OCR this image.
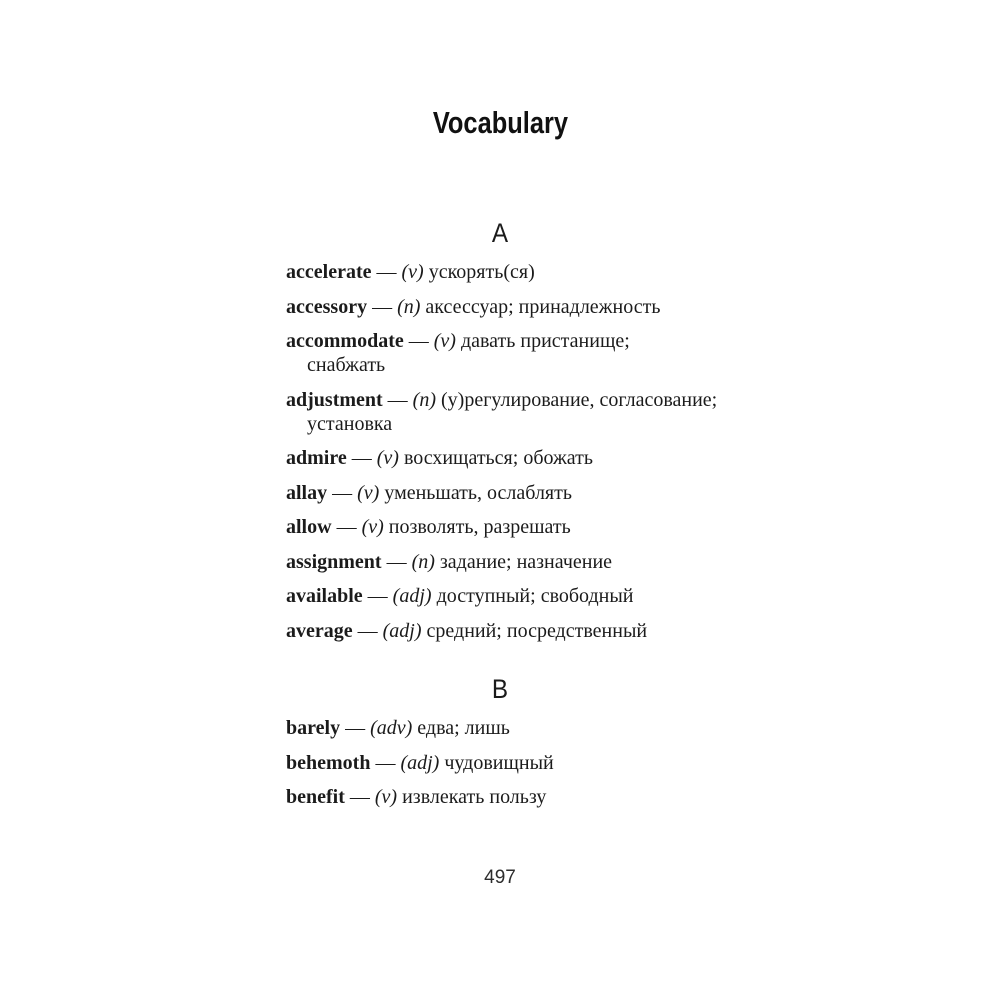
Vocabulary
A

accelerate — (v) ускорять(ся)

accessory — (n) аксессуар; принадлежность

accommodate — (v) давать пристанище;
снабжать

adjustment — (n) (у)регулирование, согласование;
установка

admire — (v) восхищаться; обожать

allay — (v) уменьшать, ослаблять

allow — (v) позволять, разрешать

assignment — (n) задание; назначение

available — (adj) доступный; свободный

average — (adj) средний; посредственный

B

barely — (adv) едва; лишь

behemoth — (adj) чудовищный

benefit — (v) извлекать пользу

497
